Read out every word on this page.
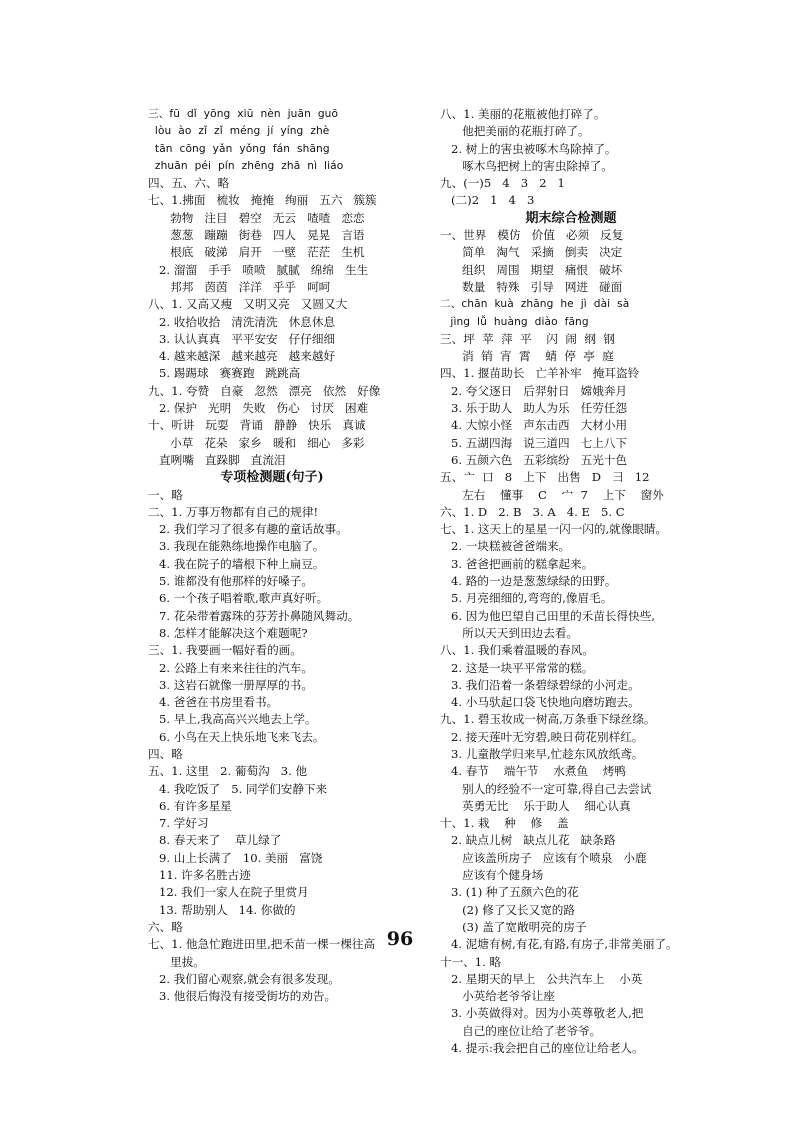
三、fū  dǐ  yōng  xiū  nèn  juān  guō
lòu  ào  zǐ  zǐ  méng  jí  yíng  zhè
tān  cōng  yǎn  yǒng  fán  shāng
zhuān  péi  pín  zhēng  zhā  nì  liáo
四、五、六、略
七、1.拂面   梳妆   掩掩   绚丽   五六   簇簇
勃物   注目   碧空   无云   喳喳   恋恋
葱葱   蹦蹦   街巷   四人   晃晃   言语
根底   破涕   肩开   一壁   茫茫   生机
2. 溜溜   手手   喷喷   腻腻   绵绵   生生
邦邦   茵茵   洋洋   乎乎   呵呵
八、1. 又高又瘦   又明又亮   又圆又大
2. 收拾收拾   清洗清洗   休息休息
3. 认认真真   平平安安   仔仔细细
4. 越来越深   越来越亮   越来越好
5. 踢踢球   赛赛跑   跳跳高
九、1. 夸赞   自豪   忽然   漂亮   依然   好像
2. 保护   光明   失败   伤心   讨厌   困难
十、听讲   玩耍   背诵   静静   快乐   真诚
小草   花朵   家乡   暖和   细心   多彩
直咧嘴   直跺脚   直流泪
专项检测题(句子)
一、略
二、1. 万事万物都有自己的规律!
2. 我们学习了很多有趣的童话故事。
3. 我现在能熟练地操作电脑了。
4. 我在院子的墙根下种上扁豆。
5. 谁都没有他那样的好嗓子。
6. 一个孩子唱着歌,歌声真好听。
7. 花朵带着露珠的芬芳扑鼻随风舞动。
8. 怎样才能解决这个难题呢?
三、1. 我要画一幅好看的画。
2. 公路上有来来往往的汽车。
3. 这岩石就像一册厚厚的书。
4. 爸爸在书房里看书。
5. 早上,我高高兴兴地去上学。
6. 小鸟在天上快乐地飞来飞去。
四、略
五、1. 这里   2. 葡萄沟   3. 他
4. 我吃饭了   5. 同学们安静下来
6. 有许多星星
7. 学好习
8. 春天来了    草儿绿了
9. 山上长满了   10. 美丽   富饶
11. 许多名胜古迹
12. 我们一家人在院子里赏月
13. 帮助别人   14. 你做的
六、略
七、1. 他急忙跑进田里,把禾苗一棵一棵往高
里拔。
2. 我们留心观察,就会有很多发现。
3. 他很后悔没有接受街坊的劝告。
八、1. 美丽的花瓶被他打碎了。
他把美丽的花瓶打碎了。
2. 树上的害虫被啄木鸟除掉了。
啄木鸟把树上的害虫除掉了。
九、(一)5   4   3   2   1
(二)2   1   4   3
期末综合检测题
一、世界   模仿   价值   必须   反复
简单   淘气   采摘   倒卖   决定
组织   周围   期望   痛恨   破坏
数量   特殊   引导   网进   碰面
二、chān  kuà  zhāng  he  jì  dài  sà
jìng  lǚ  huàng  diào  fāng
三、坪  苹  萍  平    闪  闹  纲  钢
消  销  宵  霄    蜻  停  亭  庭
四、1. 揠苗助长   亡羊补牢   掩耳盗铃
2. 夸父逐日   后羿射日   嫦娥奔月
3. 乐于助人   助人为乐   任劳任怨
4. 大惊小怪   声东击西   大材小用
5. 五湖四海   说三道四   七上八下
6. 五颜六色   五彩缤纷   五光十色
五、亠  口   8   上下   出售   D   ⺕   12
左右    懂事    C    宀  7    上下    窗外
六、1. D   2. B   3. A   4. E   5. C
七、1. 这天上的星星一闪一闪的,就像眼睛。
2. 一块糕被爸爸端来。
3. 爸爸把画前的糕拿起来。
4. 路的一边是葱葱绿绿的田野。
5. 月亮细细的,弯弯的,像眉毛。
6. 因为他巴望自己田里的禾苗长得快些,
所以天天到田边去看。
八、1. 我们乘着温暖的春风。
2. 这是一块平平常常的糕。
3. 我们沿着一条碧绿碧绿的小河走。
4. 小马驮起口袋飞快地向磨坊跑去。
九、1. 碧玉妆成一树高,万条垂下绿丝绦。
2. 接天莲叶无穷碧,映日荷花别样红。
3. 儿童散学归来早,忙趁东风放纸鸢。
4. 春节    端午节    水煮鱼    烤鸭
别人的经验不一定可靠,得自己去尝试
英勇无比    乐于助人    细心认真
十、1. 栽    种    修    盖
2. 缺点儿树   缺点儿花   缺条路
应该盖所房子   应该有个喷泉   小鹿
应该有个健身场
3. (1) 种了五颜六色的花
(2) 修了又长又宽的路
(3) 盖了宽敞明亮的房子
4. 泥塘有树,有花,有路,有房子,非常美丽了。
十一、1. 略
2. 星期天的早上   公共汽车上    小英
小英给老爷爷让座
3. 小英做得对。因为小英尊敬老人,把
自己的座位让给了老爷爷。
4. 提示:我会把自己的座位让给老人。
96
